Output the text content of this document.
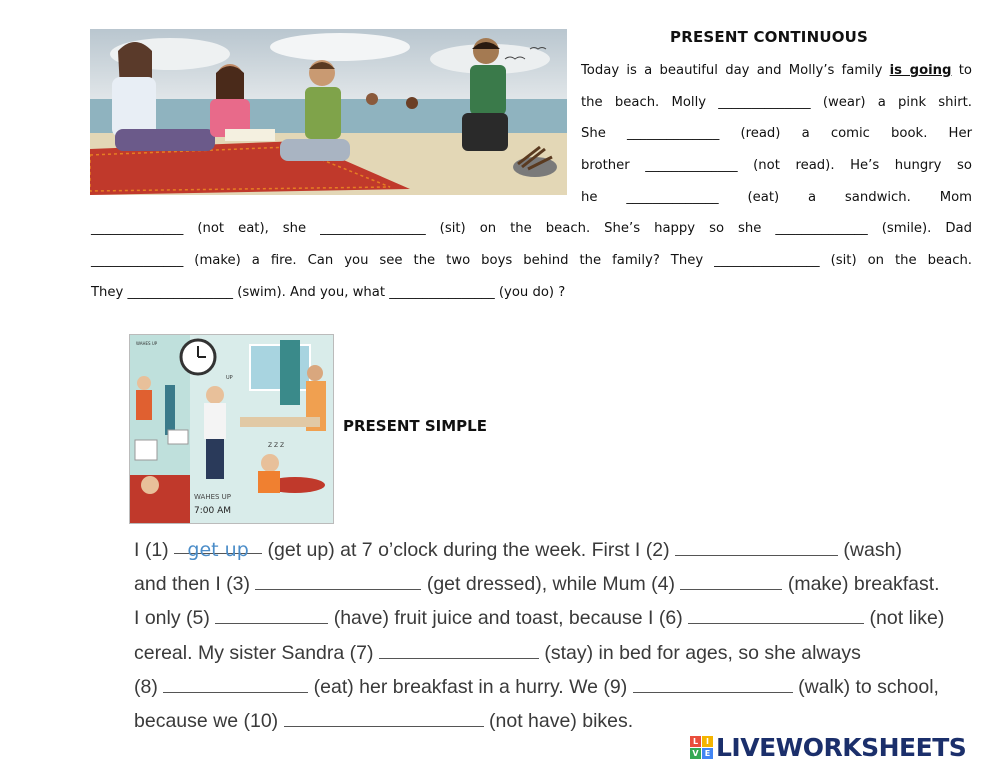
PRESENT CONTINUOUS
Today is a beautiful day and Molly’s family is going to
the beach. Molly ______________ (wear) a pink shirt.
She ______________ (read) a comic book. Her
brother ______________ (not read). He’s hungry so
he ______________ (eat) a sandwich. Mom
______________ (not eat), she ________________ (sit) on the beach. She’s happy so she ______________ (smile). Dad
______________ (make) a fire. Can you see the two boys behind the family? They ________________ (sit) on the beach.
They ________________ (swim). And you, what ________________ (you do) ?
WAHES UP
UP
Z Z Z
WAHES UP
7:00 AM
PRESENT SIMPLE
I (1) get up (get up) at 7 o’clock during the week. First I (2)	(wash)
and then I (3)	(get dressed), while Mum (4)	(make) breakfast.
I only (5)	(have) fruit juice and toast, because I (6)	(not like)
cereal. My sister Sandra (7)	(stay) in bed for ages, so she always
(8)	(eat) her breakfast in a hurry. We (9)	(walk) to school,
because we (10)	(not have) bikes.
L I
V E LIVEWORKSHEETS
